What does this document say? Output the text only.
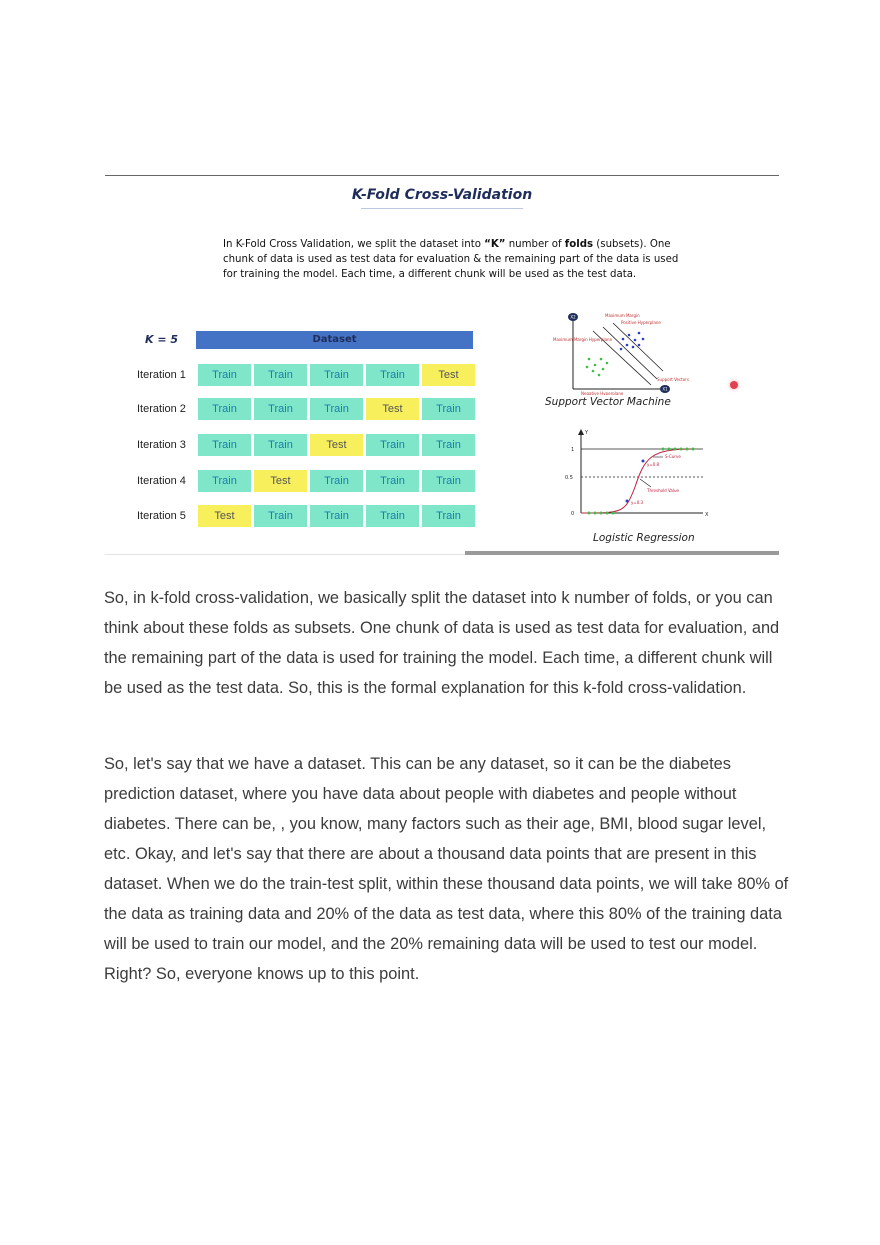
K-Fold Cross-Validation
In K-Fold Cross Validation, we split the dataset into “K” number of folds (subsets). One chunk of data is used as test data for evaluation & the remaining part of the data is used for training the model. Each time, a different chunk will be used as the test data.
K = 5	Dataset
Iteration 1	Train	Train	Train	Train	Test
Iteration 2	Train	Train	Train	Test	Train
Iteration 3	Train	Train	Test	Train	Train
Iteration 4	Train	Test	Train	Train	Train
Iteration 5	Test	Train	Train	Train	Train
X2
X1
Maximum Margin
Positive Hyperplane
Maximum Margin Hyperplane
Negative Hyperplane
Support Vectors
Support Vector Machine
Y
X
1
0.5
0
S-Curve
y=0.8
Threshold Value
y=0.3
Logistic Regression

So, in k-fold cross-validation, we basically split the dataset into k number of folds, or you can think about these folds as subsets. One chunk of data is used as test data for evaluation, and the remaining part of the data is used for training the model. Each time, a different chunk will be used as the test data. So, this is the formal explanation for this k-fold cross-validation.

So, let's say that we have a dataset. This can be any dataset, so it can be the diabetes prediction dataset, where you have data about people with diabetes and people without diabetes. There can be, , you know, many factors such as their age, BMI, blood sugar level, etc. Okay, and let's say that there are about a thousand data points that are present in this dataset. When we do the train-test split, within these thousand data points, we will take 80% of the data as training data and 20% of the data as test data, where this 80% of the training data will be used to train our model, and the 20% remaining data will be used to test our model. Right? So, everyone knows up to this point.
